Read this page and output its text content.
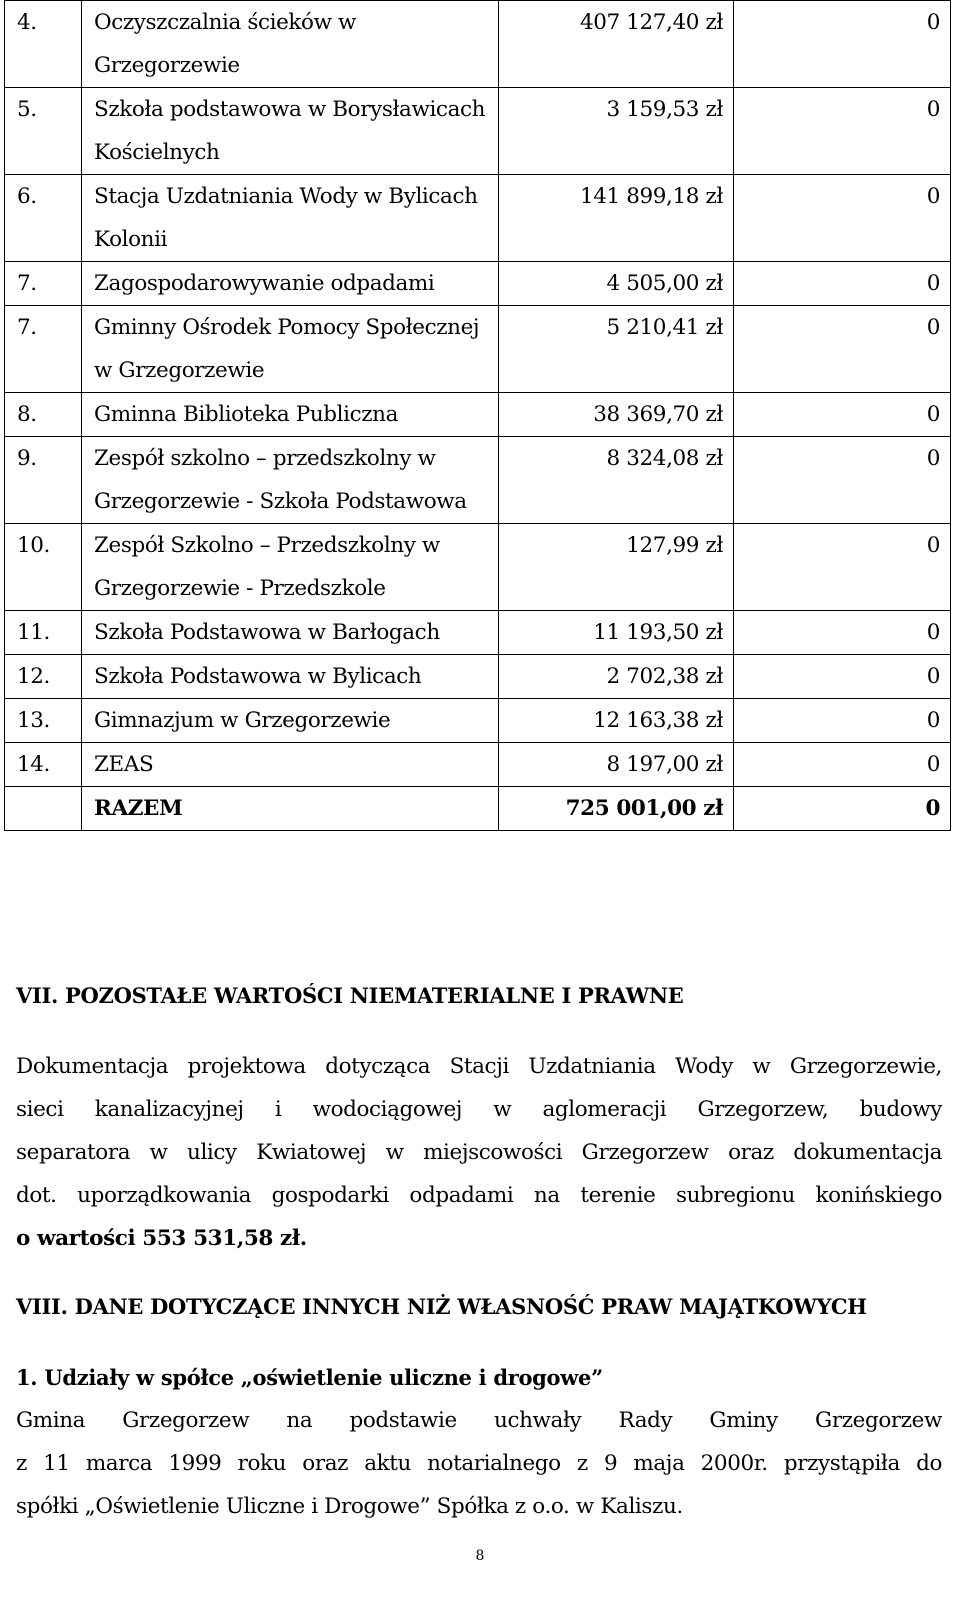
4.	Oczyszczalnia ścieków w Grzegorzewie	407 127,40 zł	0
5.	Szkoła podstawowa w Borysławicach Kościelnych	3 159,53 zł	0
6.	Stacja Uzdatniania Wody w Bylicach Kolonii	141 899,18 zł	0
7.	Zagospodarowywanie odpadami	4 505,00 zł	0
7.	Gminny Ośrodek Pomocy Społecznej w Grzegorzewie	5 210,41 zł	0
8.	Gminna Biblioteka Publiczna	38 369,70 zł	0
9.	Zespół szkolno – przedszkolny w Grzegorzewie - Szkoła Podstawowa	8 324,08 zł	0
10.	Zespół Szkolno – Przedszkolny w Grzegorzewie - Przedszkole	127,99 zł	0
11.	Szkoła Podstawowa w Barłogach	11 193,50 zł	0
12.	Szkoła Podstawowa w Bylicach	2 702,38 zł	0
13.	Gimnazjum w Grzegorzewie	12 163,38 zł	0
14.	ZEAS	8 197,00 zł	0
	RAZEM	725 001,00 zł	0
VII. POZOSTAŁE WARTOŚCI NIEMATERIALNE I PRAWNE
Dokumentacja projektowa dotycząca Stacji Uzdatniania Wody w Grzegorzewie,
sieci kanalizacyjnej i wodociągowej w aglomeracji Grzegorzew, budowy
separatora w ulicy Kwiatowej w miejscowości Grzegorzew oraz dokumentacja
dot. uporządkowania gospodarki odpadami na terenie subregionu konińskiego
o wartości 553 531,58 zł.
VIII. DANE DOTYCZĄCE INNYCH NIŻ WŁASNOŚĆ PRAW MAJĄTKOWYCH
1. Udziały w spółce „oświetlenie uliczne i drogowe”
Gmina Grzegorzew na podstawie uchwały Rady Gminy Grzegorzew
z 11 marca 1999 roku oraz aktu notarialnego z 9 maja 2000r. przystąpiła do
spółki „Oświetlenie Uliczne i Drogowe” Spółka z o.o. w Kaliszu.
8
